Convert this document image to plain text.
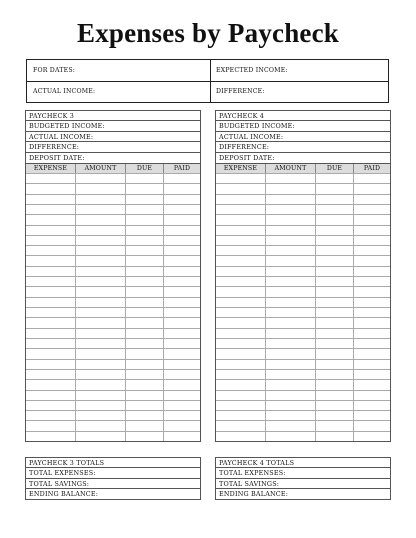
Expenses by Paycheck
FOR DATES:	EXPECTED INCOME:
ACTUAL INCOME:	DIFFERENCE:
PAYCHECK 3
BUDGETED INCOME:
ACTUAL INCOME:
DIFFERENCE:
DEPOSIT DATE:
EXPENSE	AMOUNT	DUE	PAID
PAYCHECK 4
BUDGETED INCOME:
ACTUAL INCOME:
DIFFERENCE:
DEPOSIT DATE:
EXPENSE	AMOUNT	DUE	PAID
PAYCHECK 3 TOTALS
TOTAL EXPENSES:
TOTAL SAVINGS:
ENDING BALANCE:
PAYCHECK 4 TOTALS
TOTAL EXPENSES:
TOTAL SAVINGS:
ENDING BALANCE:
